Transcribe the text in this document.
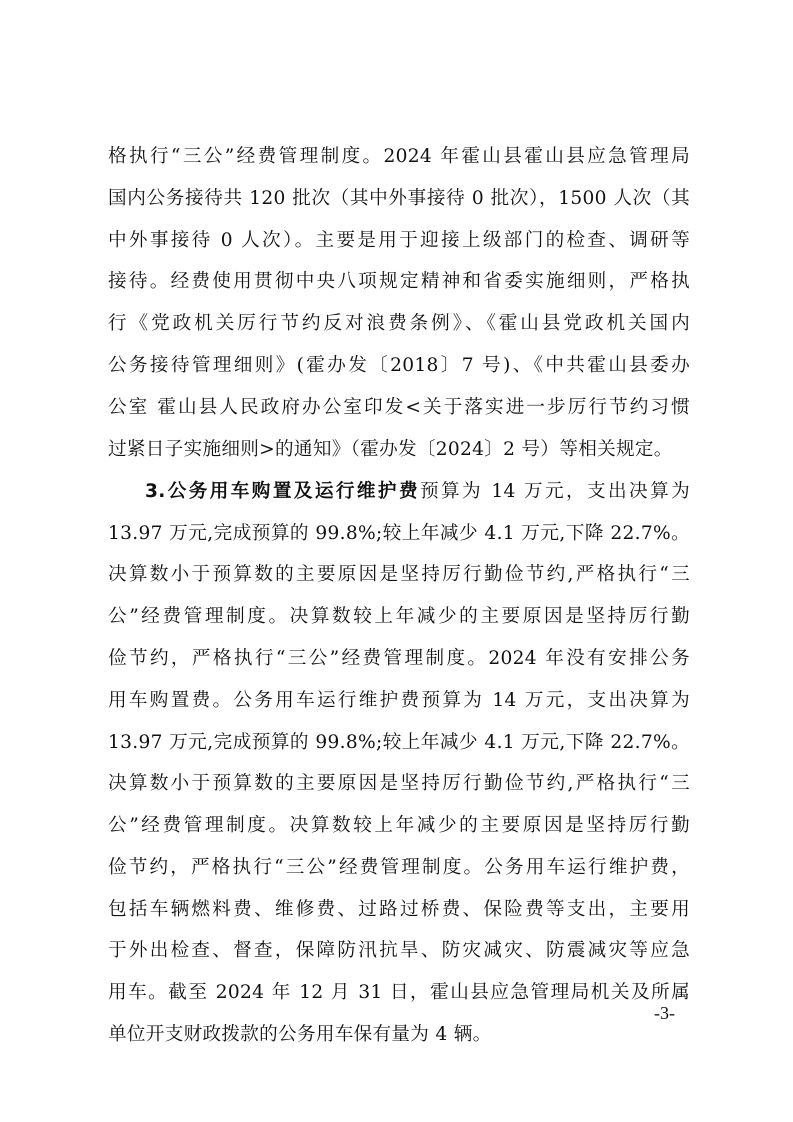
格执行“三公”经费管理制度。2024 年霍山县霍山县应急管理局
国内公务接待共 120 批次（其中外事接待 0 批次），1500 人次（其
中外事接待 0 人次）。主要是用于迎接上级部门的检查、调研等
接待。经费使用贯彻中央八项规定精神和省委实施细则，严格执
行《党政机关厉行节约反对浪费条例》、《霍山县党政机关国内
公务接待管理细则》(霍办发〔2018〕7 号)、《中共霍山县委办
公室 霍山县人民政府办公室印发<关于落实进一步厉行节约习惯
过紧日子实施细则>的通知》（霍办发〔2024〕2 号）等相关规定。
3.公务用车购置及运行维护费预算为 14 万元，支出决算为
13.97 万元,完成预算的 99.8%;较上年减少 4.1 万元,下降 22.7%。
决算数小于预算数的主要原因是坚持厉行勤俭节约,严格执行“三
公”经费管理制度。决算数较上年减少的主要原因是坚持厉行勤
俭节约，严格执行“三公”经费管理制度。2024 年没有安排公务
用车购置费。公务用车运行维护费预算为 14 万元，支出决算为
13.97 万元,完成预算的 99.8%;较上年减少 4.1 万元,下降 22.7%。
决算数小于预算数的主要原因是坚持厉行勤俭节约,严格执行“三
公”经费管理制度。决算数较上年减少的主要原因是坚持厉行勤
俭节约，严格执行“三公”经费管理制度。公务用车运行维护费，
包括车辆燃料费、维修费、过路过桥费、保险费等支出，主要用
于外出检查、督查，保障防汛抗旱、防灾减灾、防震减灾等应急
用车。截至 2024 年 12 月 31 日，霍山县应急管理局机关及所属
单位开支财政拨款的公务用车保有量为 4 辆。
-3-
